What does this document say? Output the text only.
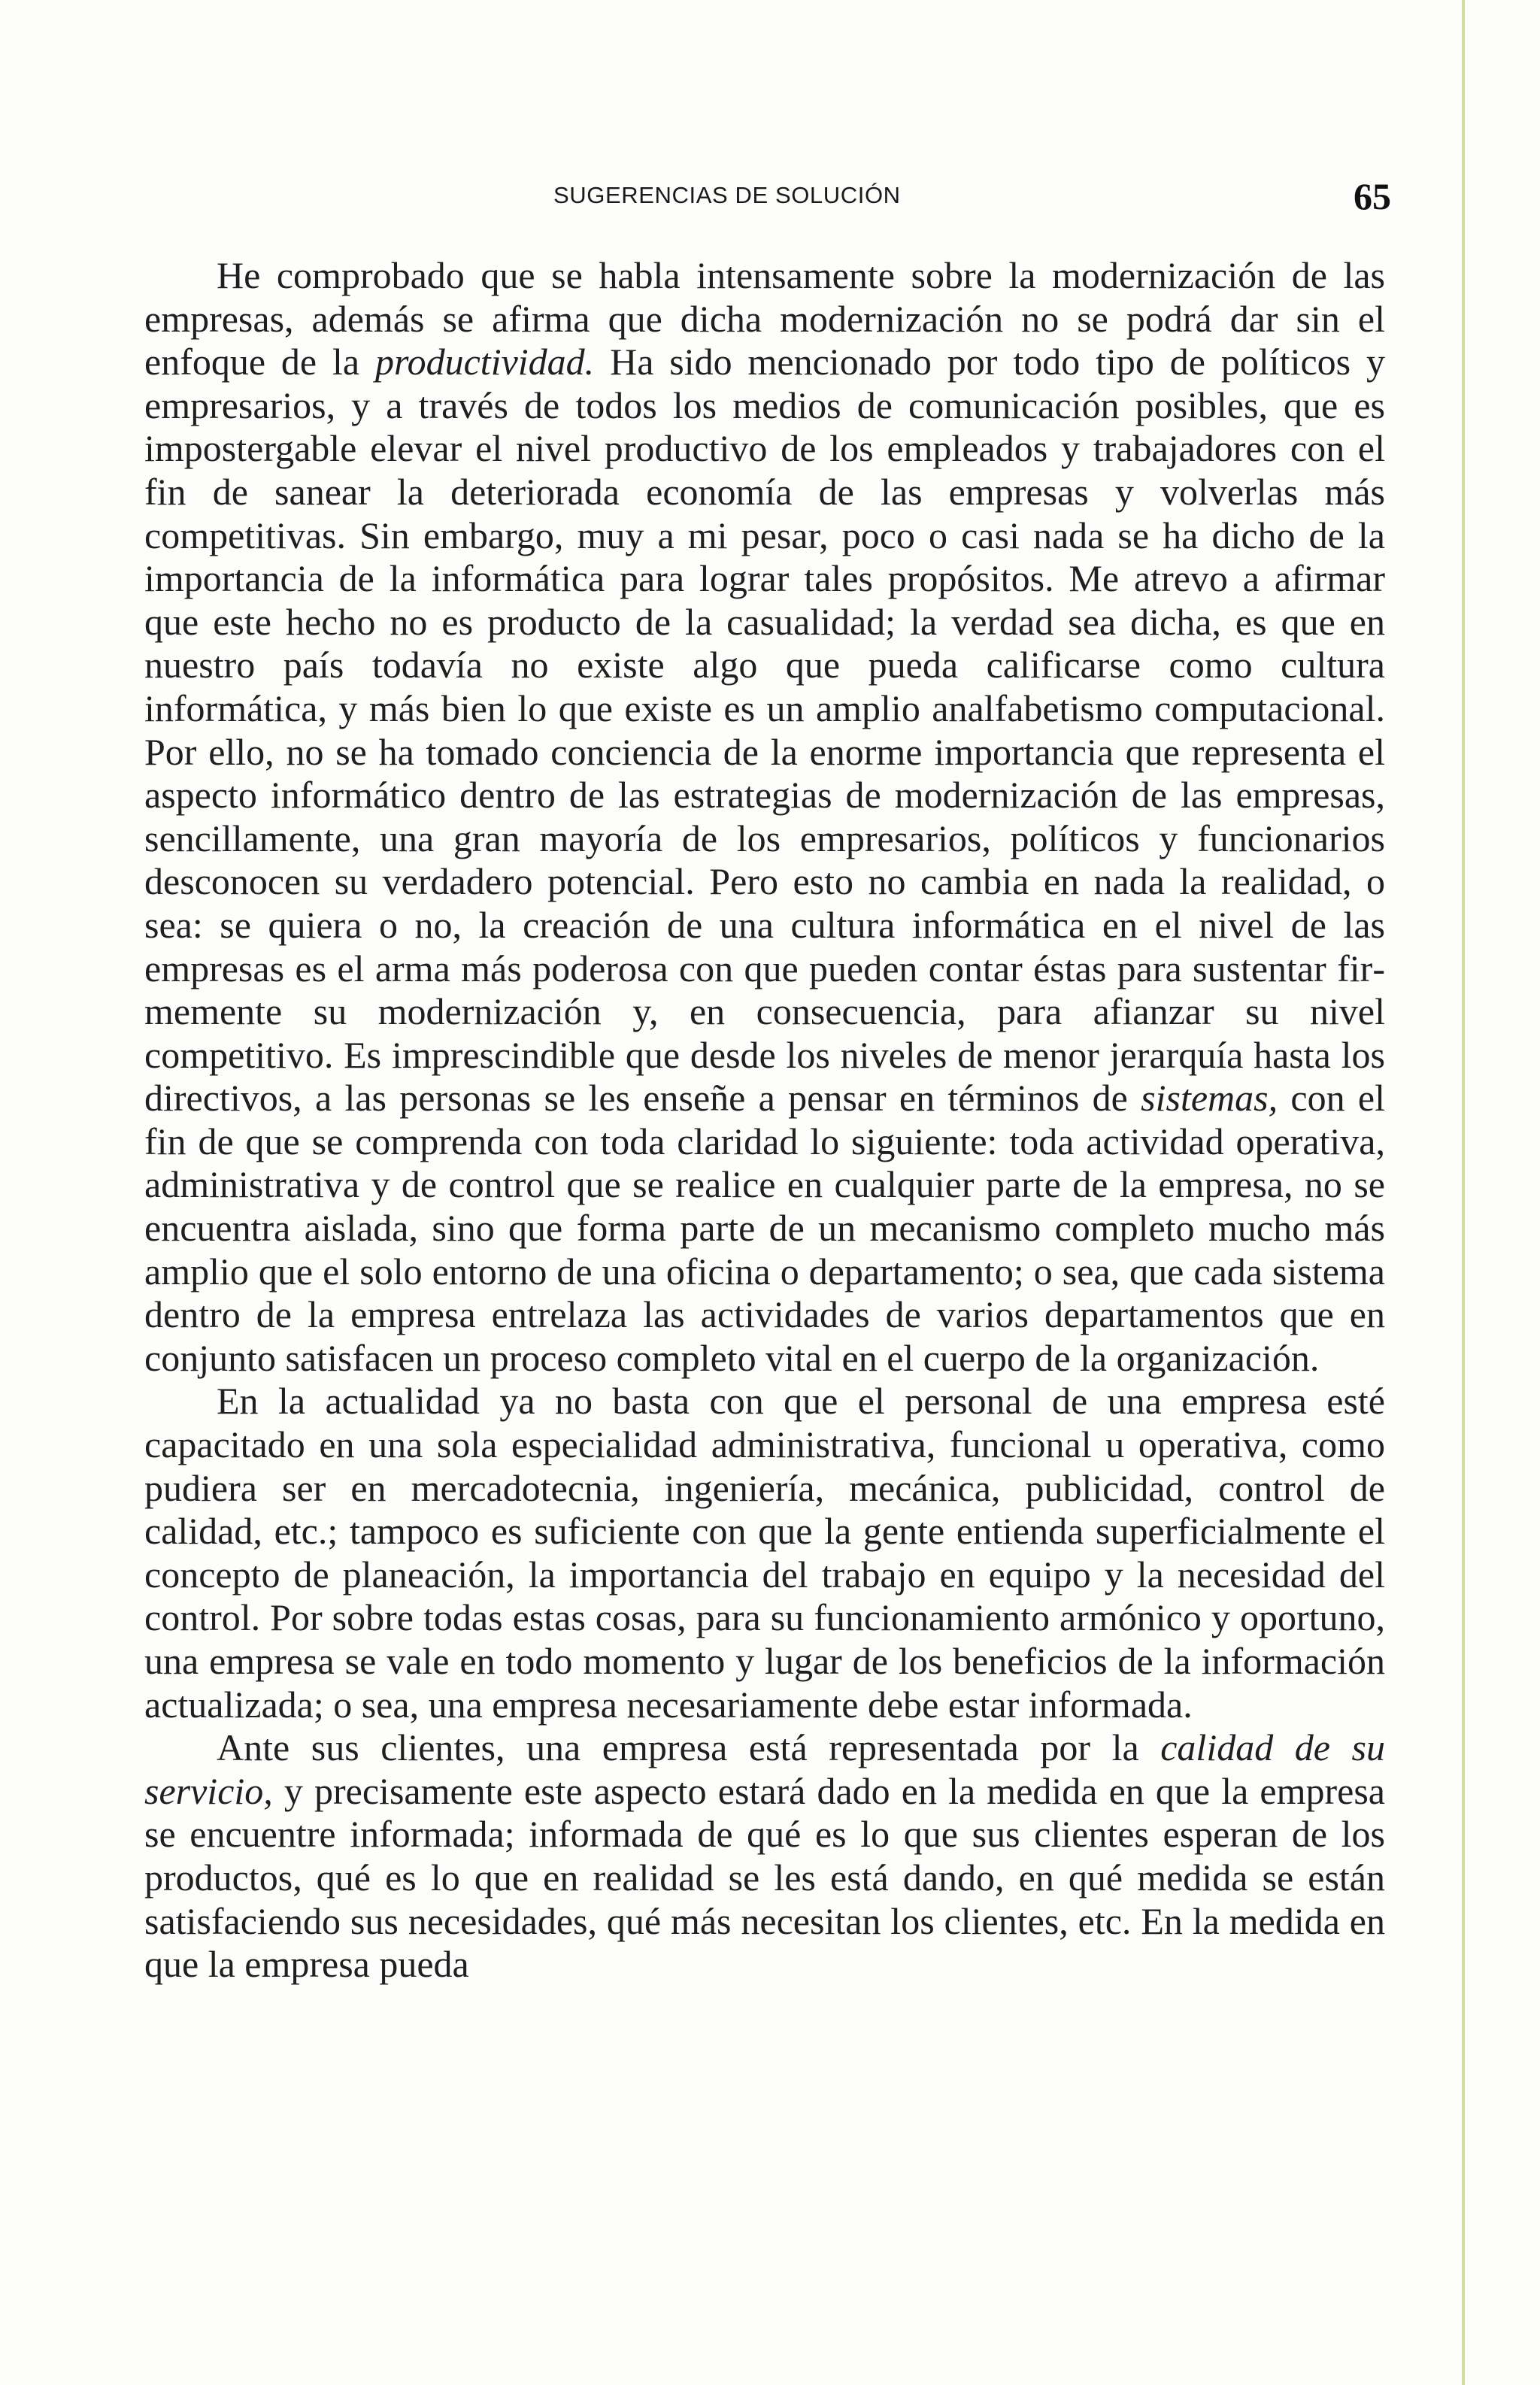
SUGERENCIAS DE SOLUCIÓN	65

He comprobado que se habla intensamente sobre la modernización de las empresas, además se afirma que dicha modernización no se podrá dar sin el enfoque de la productividad. Ha sido mencionado por todo tipo de políticos y empresarios, y a través de todos los medios de comunicación posibles, que es impostergable elevar el nivel productivo de los empleados y trabajadores con el fin de sanear la deteriorada economía de las empresas y volverlas más competitivas. Sin embargo, muy a mi pesar, poco o casi nada se ha dicho de la importancia de la informática para lograr tales propósitos. Me atrevo a afirmar que este hecho no es producto de la casualidad; la verdad sea dicha, es que en nuestro país todavía no existe algo que pueda calificarse como cultura informática, y más bien lo que existe es un amplio analfabetismo computacional. Por ello, no se ha tomado conciencia de la enorme importancia que representa el aspecto informático dentro de las estrategias de modernización de las empresas, sencillamente, una gran mayoría de los empresarios, políticos y funcionarios desconocen su verdadero potencial. Pero esto no cambia en nada la realidad, o sea: se quiera o no, la creación de una cultura informática en el nivel de las empresas es el arma más poderosa con que pueden contar éstas para sustentar firmemente su modernización y, en consecuencia, para afianzar su nivel competitivo. Es imprescindible que desde los niveles de menor jerarquía hasta los directivos, a las personas se les enseñe a pensar en términos de sistemas, con el fin de que se comprenda con toda claridad lo siguiente: toda actividad operativa, administrativa y de control que se realice en cualquier parte de la empresa, no se encuentra aislada, sino que forma parte de un mecanismo completo mucho más amplio que el solo entorno de una oficina o departamento; o sea, que cada sistema dentro de la empresa entrelaza las actividades de varios departamentos que en conjunto satisfacen un proceso completo vital en el cuerpo de la organización.

En la actualidad ya no basta con que el personal de una empresa esté capacitado en una sola especialidad administrativa, funcional u operativa, como pudiera ser en mercadotecnia, ingeniería, mecánica, publicidad, control de calidad, etc.; tampoco es suficiente con que la gente entienda superficialmente el concepto de planeación, la importancia del trabajo en equipo y la necesidad del control. Por sobre todas estas cosas, para su funcionamiento armónico y oportuno, una empresa se vale en todo momento y lugar de los beneficios de la información actualizada; o sea, una empresa necesariamente debe estar informada.

Ante sus clientes, una empresa está representada por la calidad de su servicio, y precisamente este aspecto estará dado en la medida en que la empresa se encuentre informada; informada de qué es lo que sus clientes esperan de los productos, qué es lo que en realidad se les está dando, en qué medida se están satisfaciendo sus necesidades, qué más necesitan los clientes, etc. En la medida en que la empresa pueda
